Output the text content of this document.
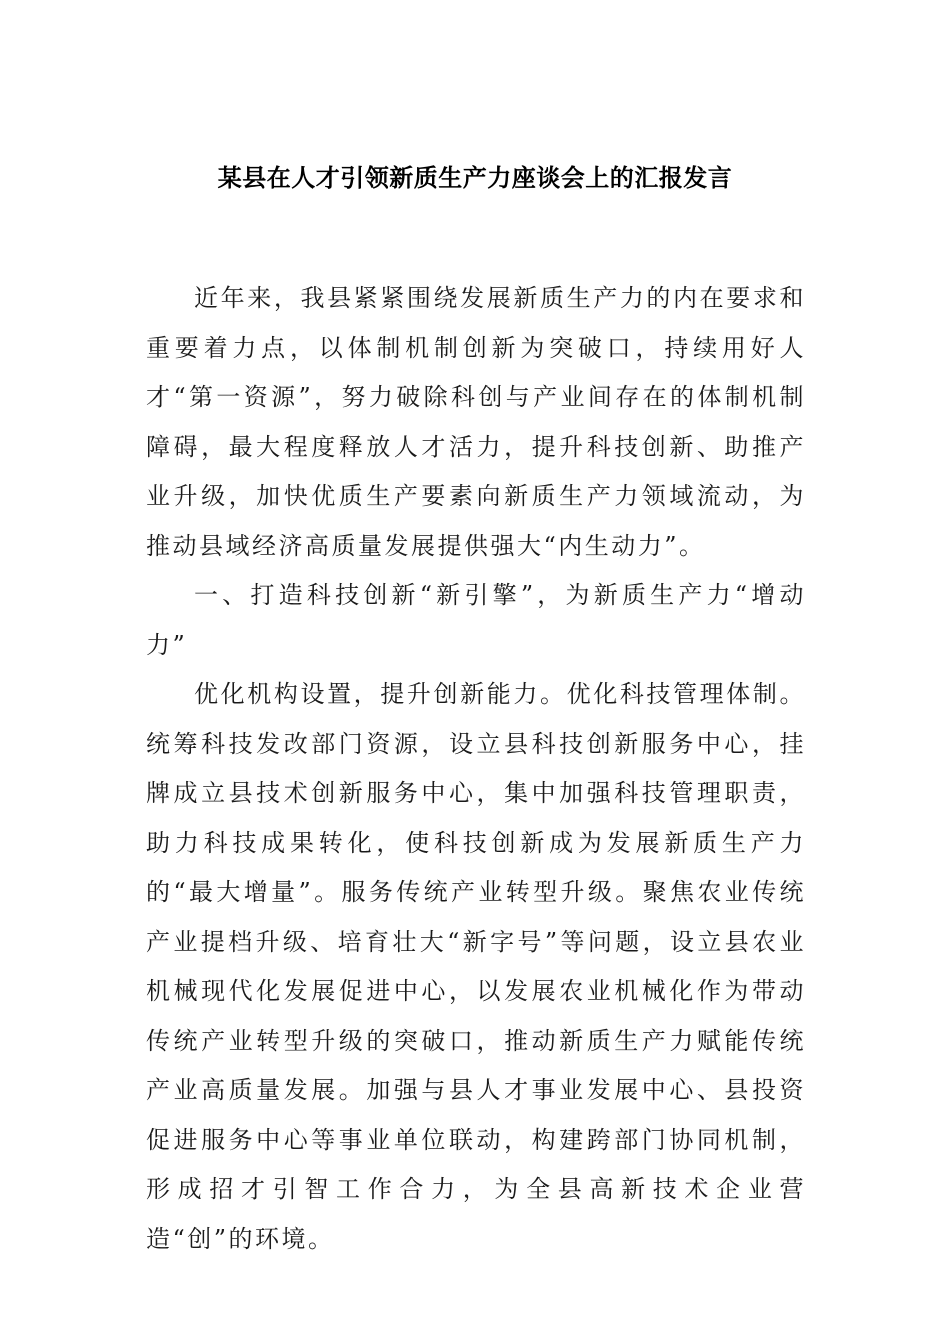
某县在人才引领新质生产力座谈会上的汇报发言

近年来，我县紧紧围绕发展新质生产力的内在要求和重要着力点，以体制机制创新为突破口，持续用好人才“第一资源”，努力破除科创与产业间存在的体制机制障碍，最大程度释放人才活力，提升科技创新、助推产业升级，加快优质生产要素向新质生产力领域流动，为推动县域经济高质量发展提供强大“内生动力”。

一、打造科技创新“新引擎”，为新质生产力“增动力”

优化机构设置，提升创新能力。优化科技管理体制。统筹科技发改部门资源，设立县科技创新服务中心，挂牌成立县技术创新服务中心，集中加强科技管理职责，助力科技成果转化，使科技创新成为发展新质生产力的“最大增量”。服务传统产业转型升级。聚焦农业传统产业提档升级、培育壮大“新字号”等问题，设立县农业机械现代化发展促进中心，以发展农业机械化作为带动传统产业转型升级的突破口，推动新质生产力赋能传统产业高质量发展。加强与县人才事业发展中心、县投资促进服务中心等事业单位联动，构建跨部门协同机制，形成招才引智工作合力，为全县高新技术企业营造“创”的环境。
